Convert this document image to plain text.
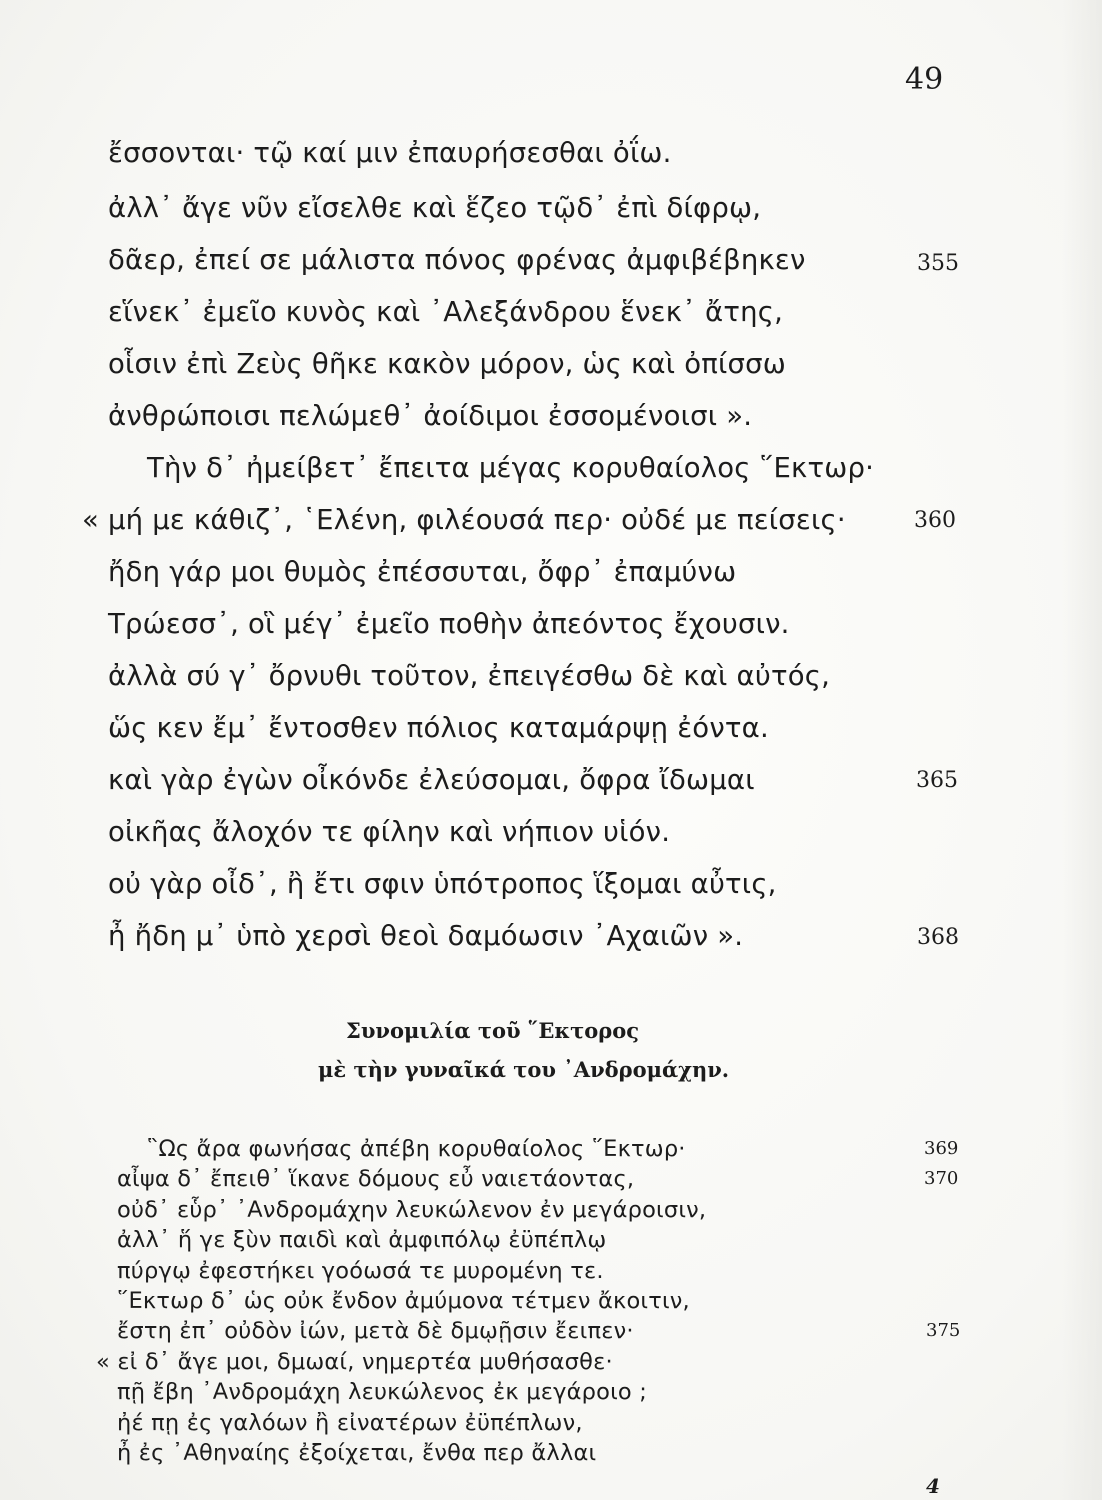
49
ἔσσονται· τῷ καί μιν ἐπαυρήσεσθαι ὀΐω.
ἀλλ᾽ ἄγε νῦν εἴσελθε καὶ ἕζεο τῷδ᾽ ἐπὶ δίφρῳ,
δᾶερ, ἐπεί σε μάλιστα πόνος φρένας ἀμφιβέβηκεν
εἵνεκ᾽ ἐμεῖο κυνὸς καὶ ᾽Αλεξάνδρου ἕνεκ᾽ ἄτης,
οἷσιν ἐπὶ Ζεὺς θῆκε κακὸν μόρον, ὡς καὶ ὀπίσσω
ἀνθρώποισι πελώμεθ᾽ ἀοίδιμοι ἐσσομένοισι ».
Τὴν δ᾽ ἠμείβετ᾽ ἔπειτα μέγας κορυθαίολος ῞Εκτωρ·
« μή με κάθιζ᾽, ῾Ελένη, φιλέουσά περ· οὐδέ με πείσεις·
ἤδη γάρ μοι θυμὸς ἐπέσσυται, ὄφρ᾽ ἐπαμύνω
Τρώεσσ᾽, οἳ μέγ᾽ ἐμεῖο ποθὴν ἀπεόντος ἔχουσιν.
ἀλλὰ σύ γ᾽ ὄρνυθι τοῦτον, ἐπειγέσθω δὲ καὶ αὐτός,
ὥς κεν ἔμ᾽ ἔντοσθεν πόλιος καταμάρψῃ ἐόντα.
καὶ γὰρ ἐγὼν οἶκόνδε ἐλεύσομαι, ὄφρα ἴδωμαι
οἰκῆας ἄλοχόν τε φίλην καὶ νήπιον υἱόν.
οὐ γὰρ οἶδ᾽, ἢ ἔτι σφιν ὑπότροπος ἵξομαι αὖτις,
ἦ ἤδη μ᾽ ὑπὸ χερσὶ θεοὶ δαμόωσιν ᾽Αχαιῶν ».
355
360
365
368
Συνομιλία τοῦ ῞Εκτορος
μὲ τὴν γυναῖκά του ᾽Ανδρομάχην.
῝Ως ἄρα φωνήσας ἀπέβη κορυθαίολος ῞Εκτωρ·
αἶψα δ᾽ ἔπειθ᾽ ἵκανε δόμους εὖ ναιετάοντας,
οὐδ᾽ εὗρ᾽ ᾽Ανδρομάχην λευκώλενον ἐν μεγάροισιν,
ἀλλ᾽ ἥ γε ξὺν παιδὶ καὶ ἀμφιπόλῳ ἐϋπέπλῳ
πύργῳ ἐφεστήκει γοόωσά τε μυρομένη τε.
῞Εκτωρ δ᾽ ὡς οὐκ ἔνδον ἀμύμονα τέτμεν ἄκοιτιν,
ἔστη ἐπ᾽ οὐδὸν ἰών, μετὰ δὲ δμῳῇσιν ἔειπεν·
369
370
« εἰ δ᾽ ἄγε μοι, δμωαί, νημερτέα μυθήσασθε·
πῇ ἔβη ᾽Ανδρομάχη λευκώλενος ἐκ μεγάροιο ;
ἠέ πῃ ἐς γαλόων ἢ εἰνατέρων ἐϋπέπλων,
ἦ ἐς ᾽Αθηναίης ἐξοίχεται, ἔνθα περ ἄλλαι
375
4
